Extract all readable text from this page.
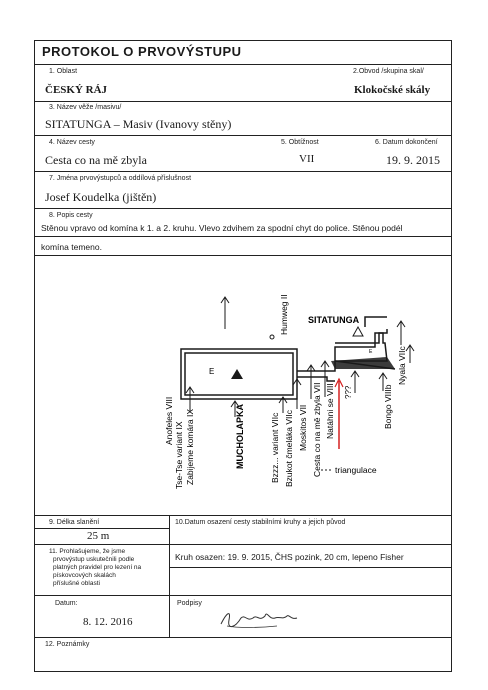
PROTOKOL O PRVOVÝSTUPU
1. Oblast
ČESKÝ RÁJ
2.Obvod /skupina skal/
Klokočské skály
3. Název věže /masivu/
SITATUNGA – Masiv (Ivanovy stěny)
4. Název cesty
Cesta co na mě zbyla
5. Obtížnost
VII
6. Datum dokončení
19. 9. 2015
7. Jména prvovýstupců a oddílová příslušnost
Josef Koudelka (jištěn)
8. Popis cesty
Stěnou vpravo od komína k 1. a 2. kruhu. Vlevo zdvihem za spodní chyt do police. Stěnou podél
komína temeno.
E
SITATUNGA
E
Anofeles VIII
Tse-Tse variant IX Zabijeme komára IX	MUCHOLAPKA	Bzzz... variant VIIc Bzukot čmeláka VIIc Moskitos VII Cesta co na mě zbyla VII Natáhni se VIII ???
Humweg II
Bongo VIIIb
Nyala VIIc
triangulace
9. Délka slanění
25 m
10.Datum osazení cesty stabilními kruhy a jejich původ
11. Prohlašujeme, že jsme
prvovýstup uskutečnili podle
platných pravidel pro lezení na
pískovcových skalách
příslušné oblasti
Kruh osazen: 19. 9. 2015, ČHS pozink, 20 cm, lepeno Fisher
Datum:
8. 12. 2016
Podpisy
12. Poznámky
